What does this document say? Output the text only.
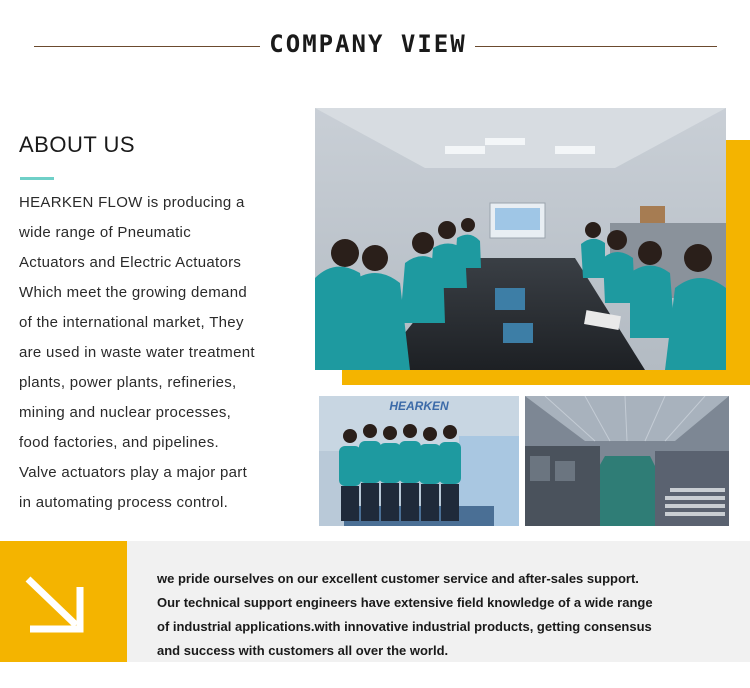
COMPANY VIEW
ABOUT US
HEARKEN FLOW is producing a
wide range of Pneumatic
Actuators and Electric Actuators
Which meet the growing demand
of the international market, They
are used in waste water treatment
plants, power plants, refineries,
mining and nuclear processes,
food factories, and pipelines.
Valve actuators play a major part
in automating process control.
HEARKEN
we pride ourselves on our excellent customer service and after-sales support.
Our technical support engineers have extensive field knowledge of a wide range
of industrial applications.with innovative industrial products, getting consensus
and success with customers all over the world.
